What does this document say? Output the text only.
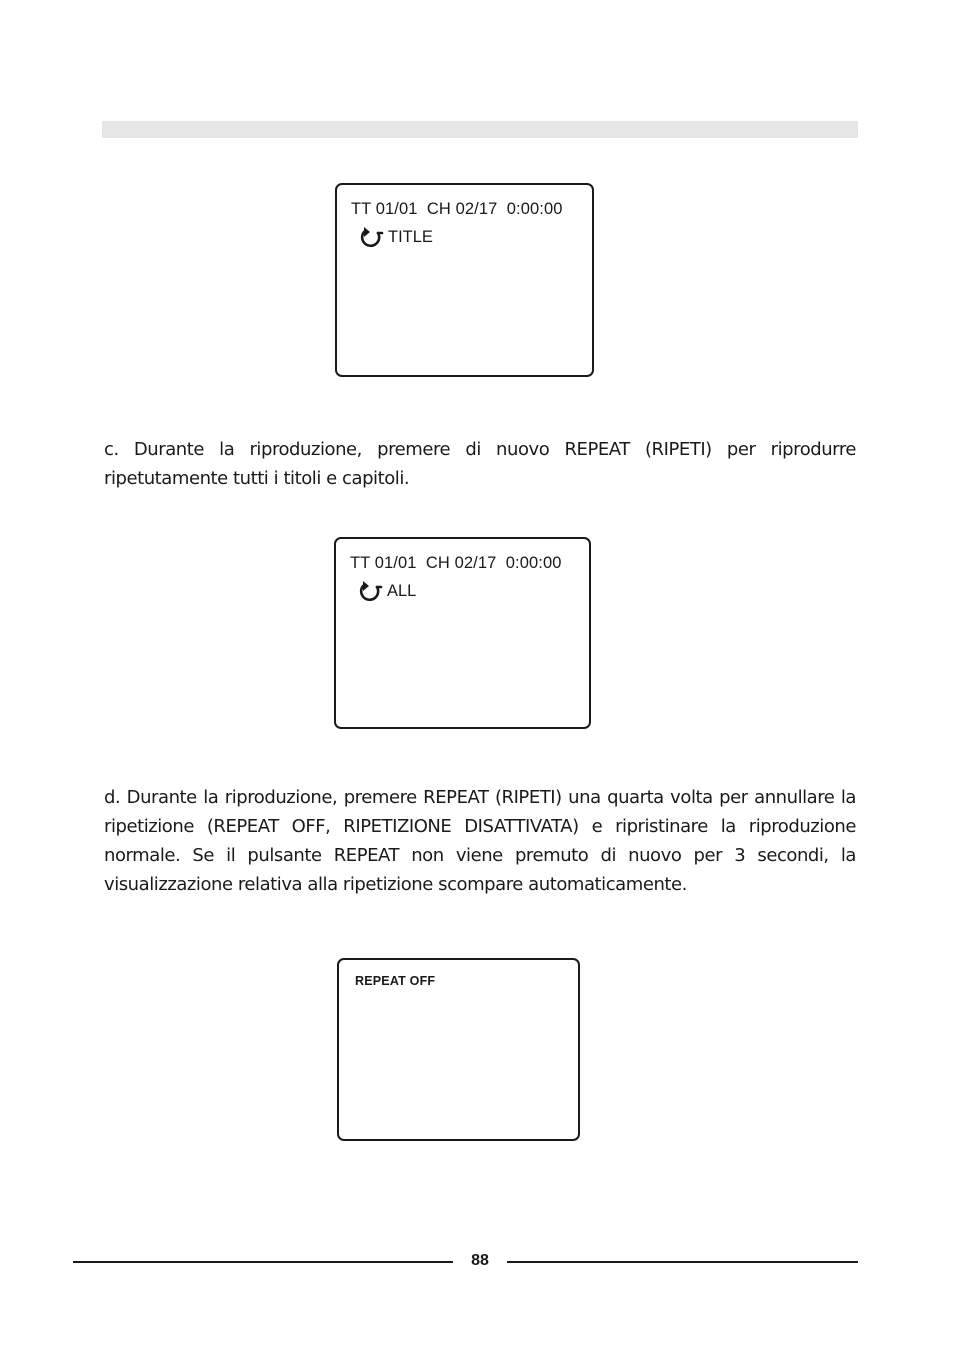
TT 01/01  CH 02/17  0:00:00
TITLE

c. Durante la riproduzione, premere di nuovo REPEAT (RIPETI) per riprodurre ripetutamente tutti i titoli e capitoli.

TT 01/01  CH 02/17  0:00:00
ALL

d. Durante la riproduzione, premere REPEAT (RIPETI) una quarta volta per annullare la ripetizione (REPEAT OFF, RIPETIZIONE DISATTIVATA) e ripristinare la riproduzione normale. Se il pulsante REPEAT non viene premuto di nuovo per 3 secondi, la visualizzazione relativa alla ripetizione scompare automaticamente.

REPEAT OFF
88
